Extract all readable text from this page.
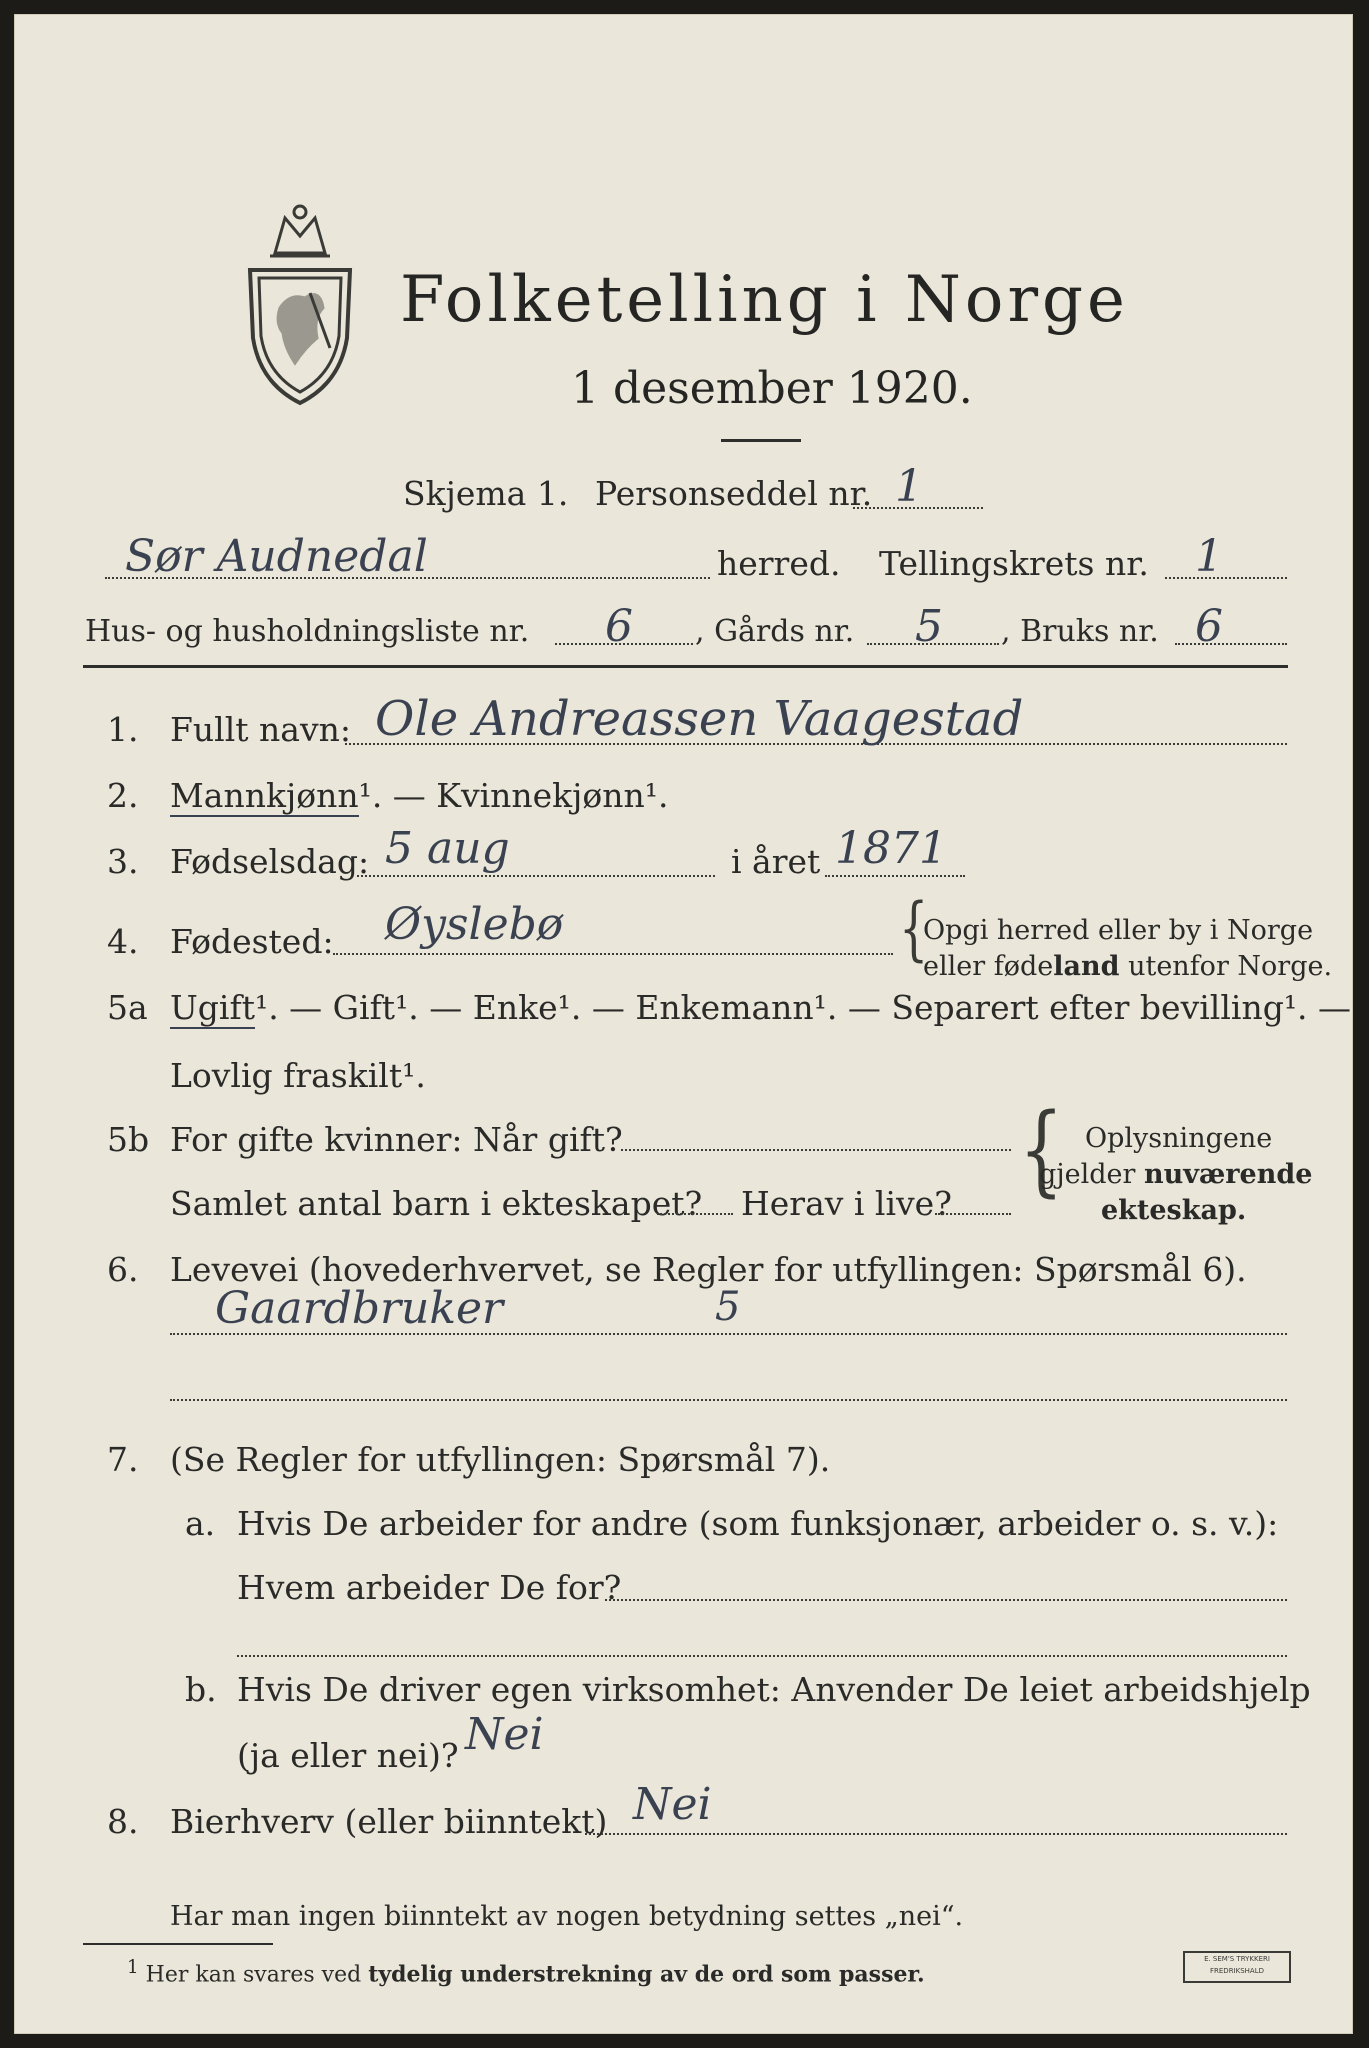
Folketelling i Norge
1 desember 1920.
Skjema 1. Personseddel nr. 1
Sør Audnedal	herred. Tellingskrets nr. 1
Hus- og husholdningsliste nr. 6 , Gårds nr. 5 , Bruks nr. 6
1. Fullt navn: Ole Andreassen Vaagestad
2. Mannkjønn¹. — Kvinnekjønn¹.
3. Fødselsdag: 5 aug	i året 1871
4. Fødested: Øyslebø	{
Opgi herred eller by i Norge
eller fødeland utenfor Norge.
5a Ugift¹. — Gift¹. — Enke¹. — Enkemann¹. — Separert efter bevilling¹. —
Lovlig fraskilt¹.
5b For gifte kvinner: Når gift?
Samlet antal barn i ekteskapet? Herav i live? { Oplysningene
gjelder nuværende
ekteskap.
6. Levevei (hovederhvervet, se Regler for utfyllingen: Spørsmål 6).
Gaardbruker	5
7. (Se Regler for utfyllingen: Spørsmål 7).
a. Hvis De arbeider for andre (som funksjonær, arbeider o. s. v.):
Hvem arbeider De for?
b. Hvis De driver egen virksomhet: Anvender De leiet arbeidshjelp
(ja eller nei)? Nei
8. Bierhverv (eller biinntekt) Nei
Har man ingen biinntekt av nogen betydning settes „nei“.
$^1$ Her kan svares ved tydelig understrekning av de ord som passer.
E. SEM'S TRYKKERI FREDRIKSHALD
